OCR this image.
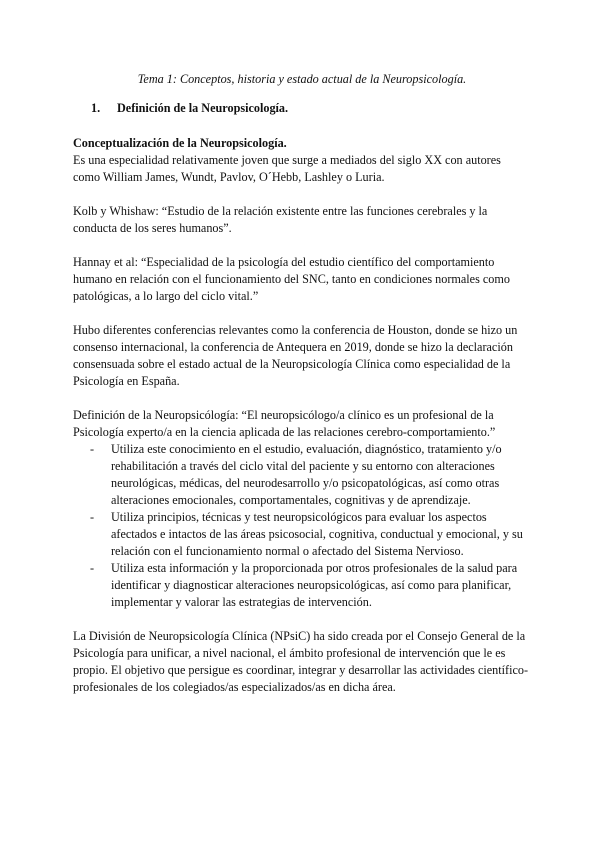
Tema 1: Conceptos, historia y estado actual de la Neuropsicología.
1.	Definición de la Neuropsicología.
Conceptualización de la Neuropsicología.

Es una especialidad relativamente joven que surge a mediados del siglo XX con autores como William James, Wundt, Pavlov, O´Hebb, Lashley o Luria.

Kolb y Whishaw: “Estudio de la relación existente entre las funciones cerebrales y la conducta de los seres humanos”.

Hannay et al: “Especialidad de la psicología del estudio científico del comportamiento humano en relación con el funcionamiento del SNC, tanto en condiciones normales como patológicas, a lo largo del ciclo vital.”

Hubo diferentes conferencias relevantes como la conferencia de Houston, donde se hizo un consenso internacional, la conferencia de Antequera en 2019, donde se hizo la declaración consensuada sobre el estado actual de la Neuropsicología Clínica como especialidad de la Psicología en España.

Definición de la Neuropsicólogía: “El neuropsicólogo/a clínico es un profesional de la Psicología experto/a en la ciencia aplicada de las relaciones cerebro-comportamiento.”

-	Utiliza este conocimiento en el estudio, evaluación, diagnóstico, tratamiento y/o rehabilitación a través del ciclo vital del paciente y su entorno con alteraciones neurológicas, médicas, del neurodesarrollo y/o psicopatológicas, así como otras alteraciones emocionales, comportamentales, cognitivas y de aprendizaje.
-	Utiliza principios, técnicas y test neuropsicológicos para evaluar los aspectos afectados e intactos de las áreas psicosocial, cognitiva, conductual y emocional, y su relación con el funcionamiento normal o afectado del Sistema Nervioso.
-	Utiliza esta información y la proporcionada por otros profesionales de la salud para identificar y diagnosticar alteraciones neuropsicológicas, así como para planificar, implementar y valorar las estrategias de intervención.

La División de Neuropsicología Clínica (NPsiC) ha sido creada por el Consejo General de la Psicología para unificar, a nivel nacional, el ámbito profesional de intervención que le es propio. El objetivo que persigue es coordinar, integrar y desarrollar las actividades científico-profesionales de los colegiados/as especializados/as en dicha área.
